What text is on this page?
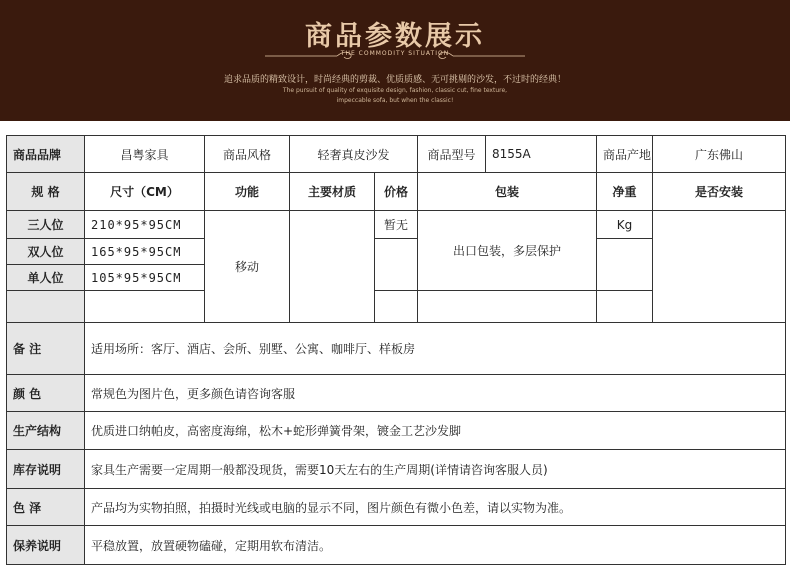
商品参数展示
THE COMMODITY SITUATION
追求品质的精致设计，时尚经典的剪裁、优质质感、无可挑剔的沙发，不过时的经典！
The pursuit of quality of exquisite design, fashion, classic cut, fine texture,
impeccable sofa, but when the classic!
商品品牌	昌粤家具	商品风格	轻奢真皮沙发		商品型号	8155A	商品产地	广东佛山
规 格	尺寸（CM）	功能	主要材质	价格	包装		净重	是否安装
三人位	210*95*95CM	移动		暂无	出口包装，多层保护		Kg	
双人位	165*95*95CM							
单人位	105*95*95CM							

备 注	适用场所：客厅、酒店、会所、别墅、公寓、咖啡厅、样板房							
颜 色	常规色为图片色，更多颜色请咨询客服							
生产结构	优质进口纳帕皮，高密度海绵，松木+蛇形弹簧骨架，镀金工艺沙发脚							
库存说明	家具生产需要一定周期一般都没现货，需要10天左右的生产周期(详情请咨询客服人员)							
色 泽	产品均为实物拍照，拍摄时光线或电脑的显示不同，图片颜色有微小色差，请以实物为准。							
保养说明	平稳放置，放置硬物磕碰，定期用软布清洁。							
